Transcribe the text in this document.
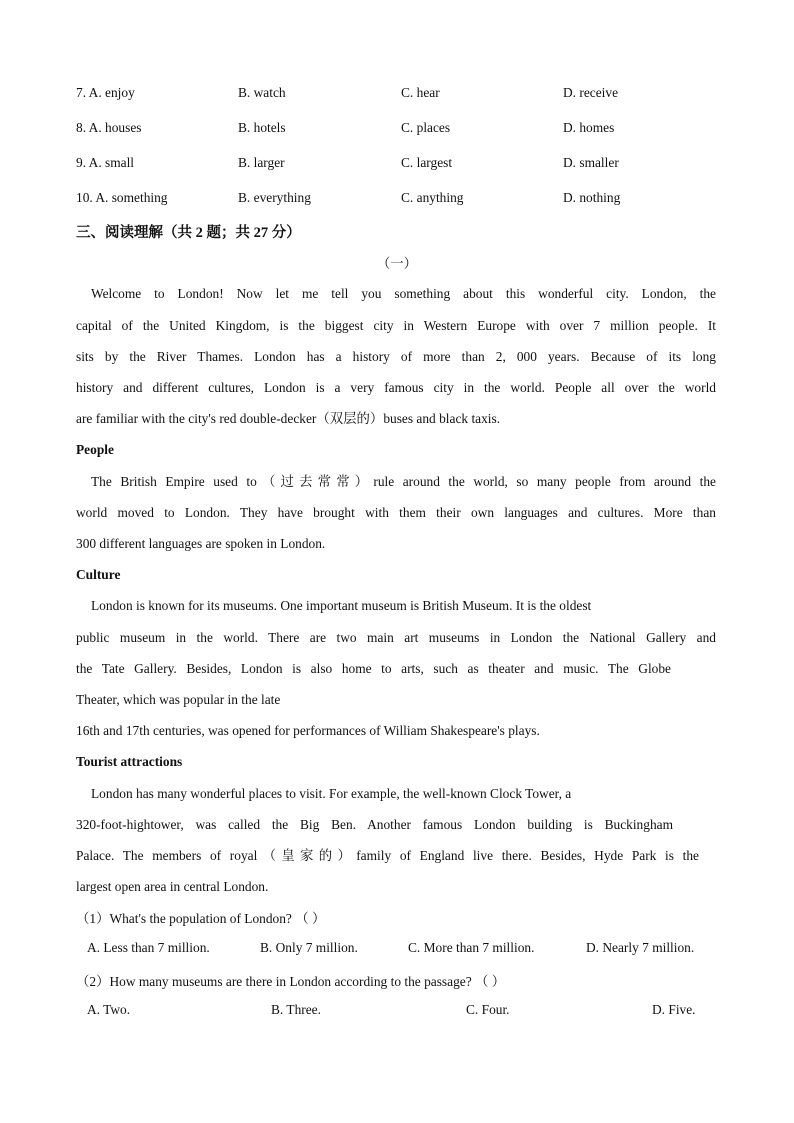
7. A. enjoy	B. watch	C. hear	D. receive
8. A. houses	B. hotels	C. places	D. homes
9. A. small	B. larger	C. largest	D. smaller
10. A. something	B. everything	C. anything	D. nothing
三、阅读理解（共 2 题；共 27 分）
（一）
Welcome to London! Now let me tell you something about this wonderful city. London, the
capital of the United Kingdom, is the biggest city in Western Europe with over 7 million people. It
sits by the River Thames. London has a history of more than 2, 000 years. Because of its long
history and different cultures, London is a very famous city in the world. People all over the world
are familiar with the city's red double-decker（双层的）buses and black taxis.
People
The British Empire used to（过去常常）rule around the world, so many people from around the
world moved to London. They have brought with them their own languages and cultures. More than
300 different languages are spoken in London.
Culture
London is known for its museums. One important museum is British Museum. It is the oldest
public museum in the world. There are two main art museums in London the National Gallery and
the Tate Gallery. Besides, London is also home to arts, such as theater and music. The Globe
Theater, which was popular in the late
16th and 17th centuries, was opened for performances of William Shakespeare's plays.
Tourist attractions
London has many wonderful places to visit. For example, the well-known Clock Tower, a
320-foot-hightower, was called the Big Ben. Another famous London building is Buckingham
Palace. The members of royal（皇家的）family of England live there. Besides, Hyde Park is the
largest open area in central London.
（1）What's the population of London? （ ）
A. Less than 7 million.	B. Only 7 million.	C. More than 7 million.	D. Nearly 7 million.
（2）How many museums are there in London according to the passage? （ ）
A. Two.	B. Three.	C. Four.	D. Five.
